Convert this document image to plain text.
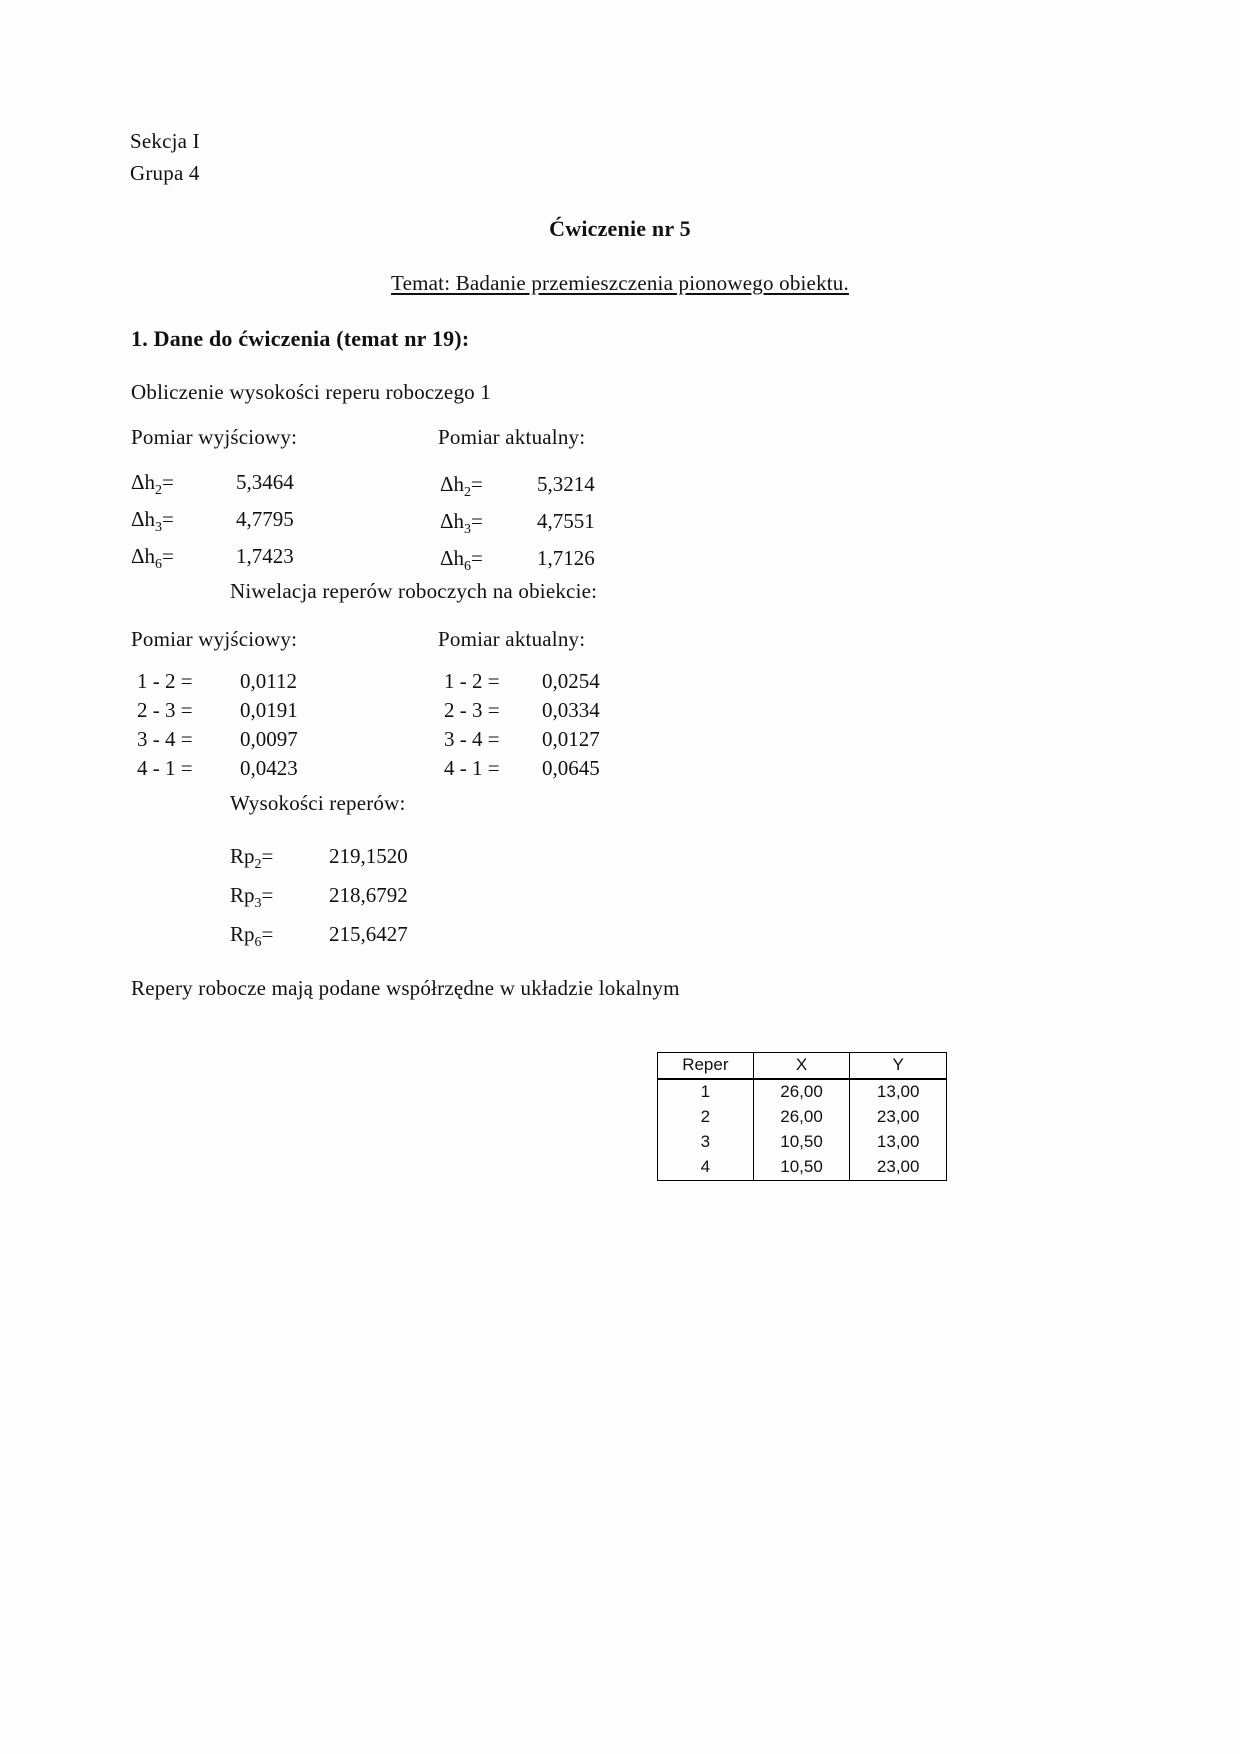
Sekcja I
Grupa 4
Ćwiczenie nr 5
Temat: Badanie przemieszczenia pionowego obiektu.
1. Dane do ćwiczenia (temat nr 19):
Obliczenie wysokości reperu roboczego 1
Pomiar wyjściowy:	Pomiar aktualny:
$\Delta h_2=$	5,3464
$\Delta h_3=$	4,7795
$\Delta h_6=$	1,7423
$\Delta h_2=$	5,3214
$\Delta h_3=$	4,7551
$\Delta h_6=$	1,7126
Niwelacja reperów roboczych na obiekcie:
Pomiar wyjściowy:	Pomiar aktualny:
1 - 2 =	0,0112
2 - 3 =	0,0191
3 - 4 =	0,0097
4 - 1 =	0,0423
1 - 2 =	0,0254
2 - 3 =	0,0334
3 - 4 =	0,0127
4 - 1 =	0,0645
Wysokości reperów:
$Rp_2=$	219,1520
$Rp_3=$	218,6792
$Rp_6=$	215,6427
Repery robocze mają podane współrzędne w układzie lokalnym
Reper	X	Y
1	26,00	13,00
2	26,00	23,00
3	10,50	13,00
4	10,50	23,00
